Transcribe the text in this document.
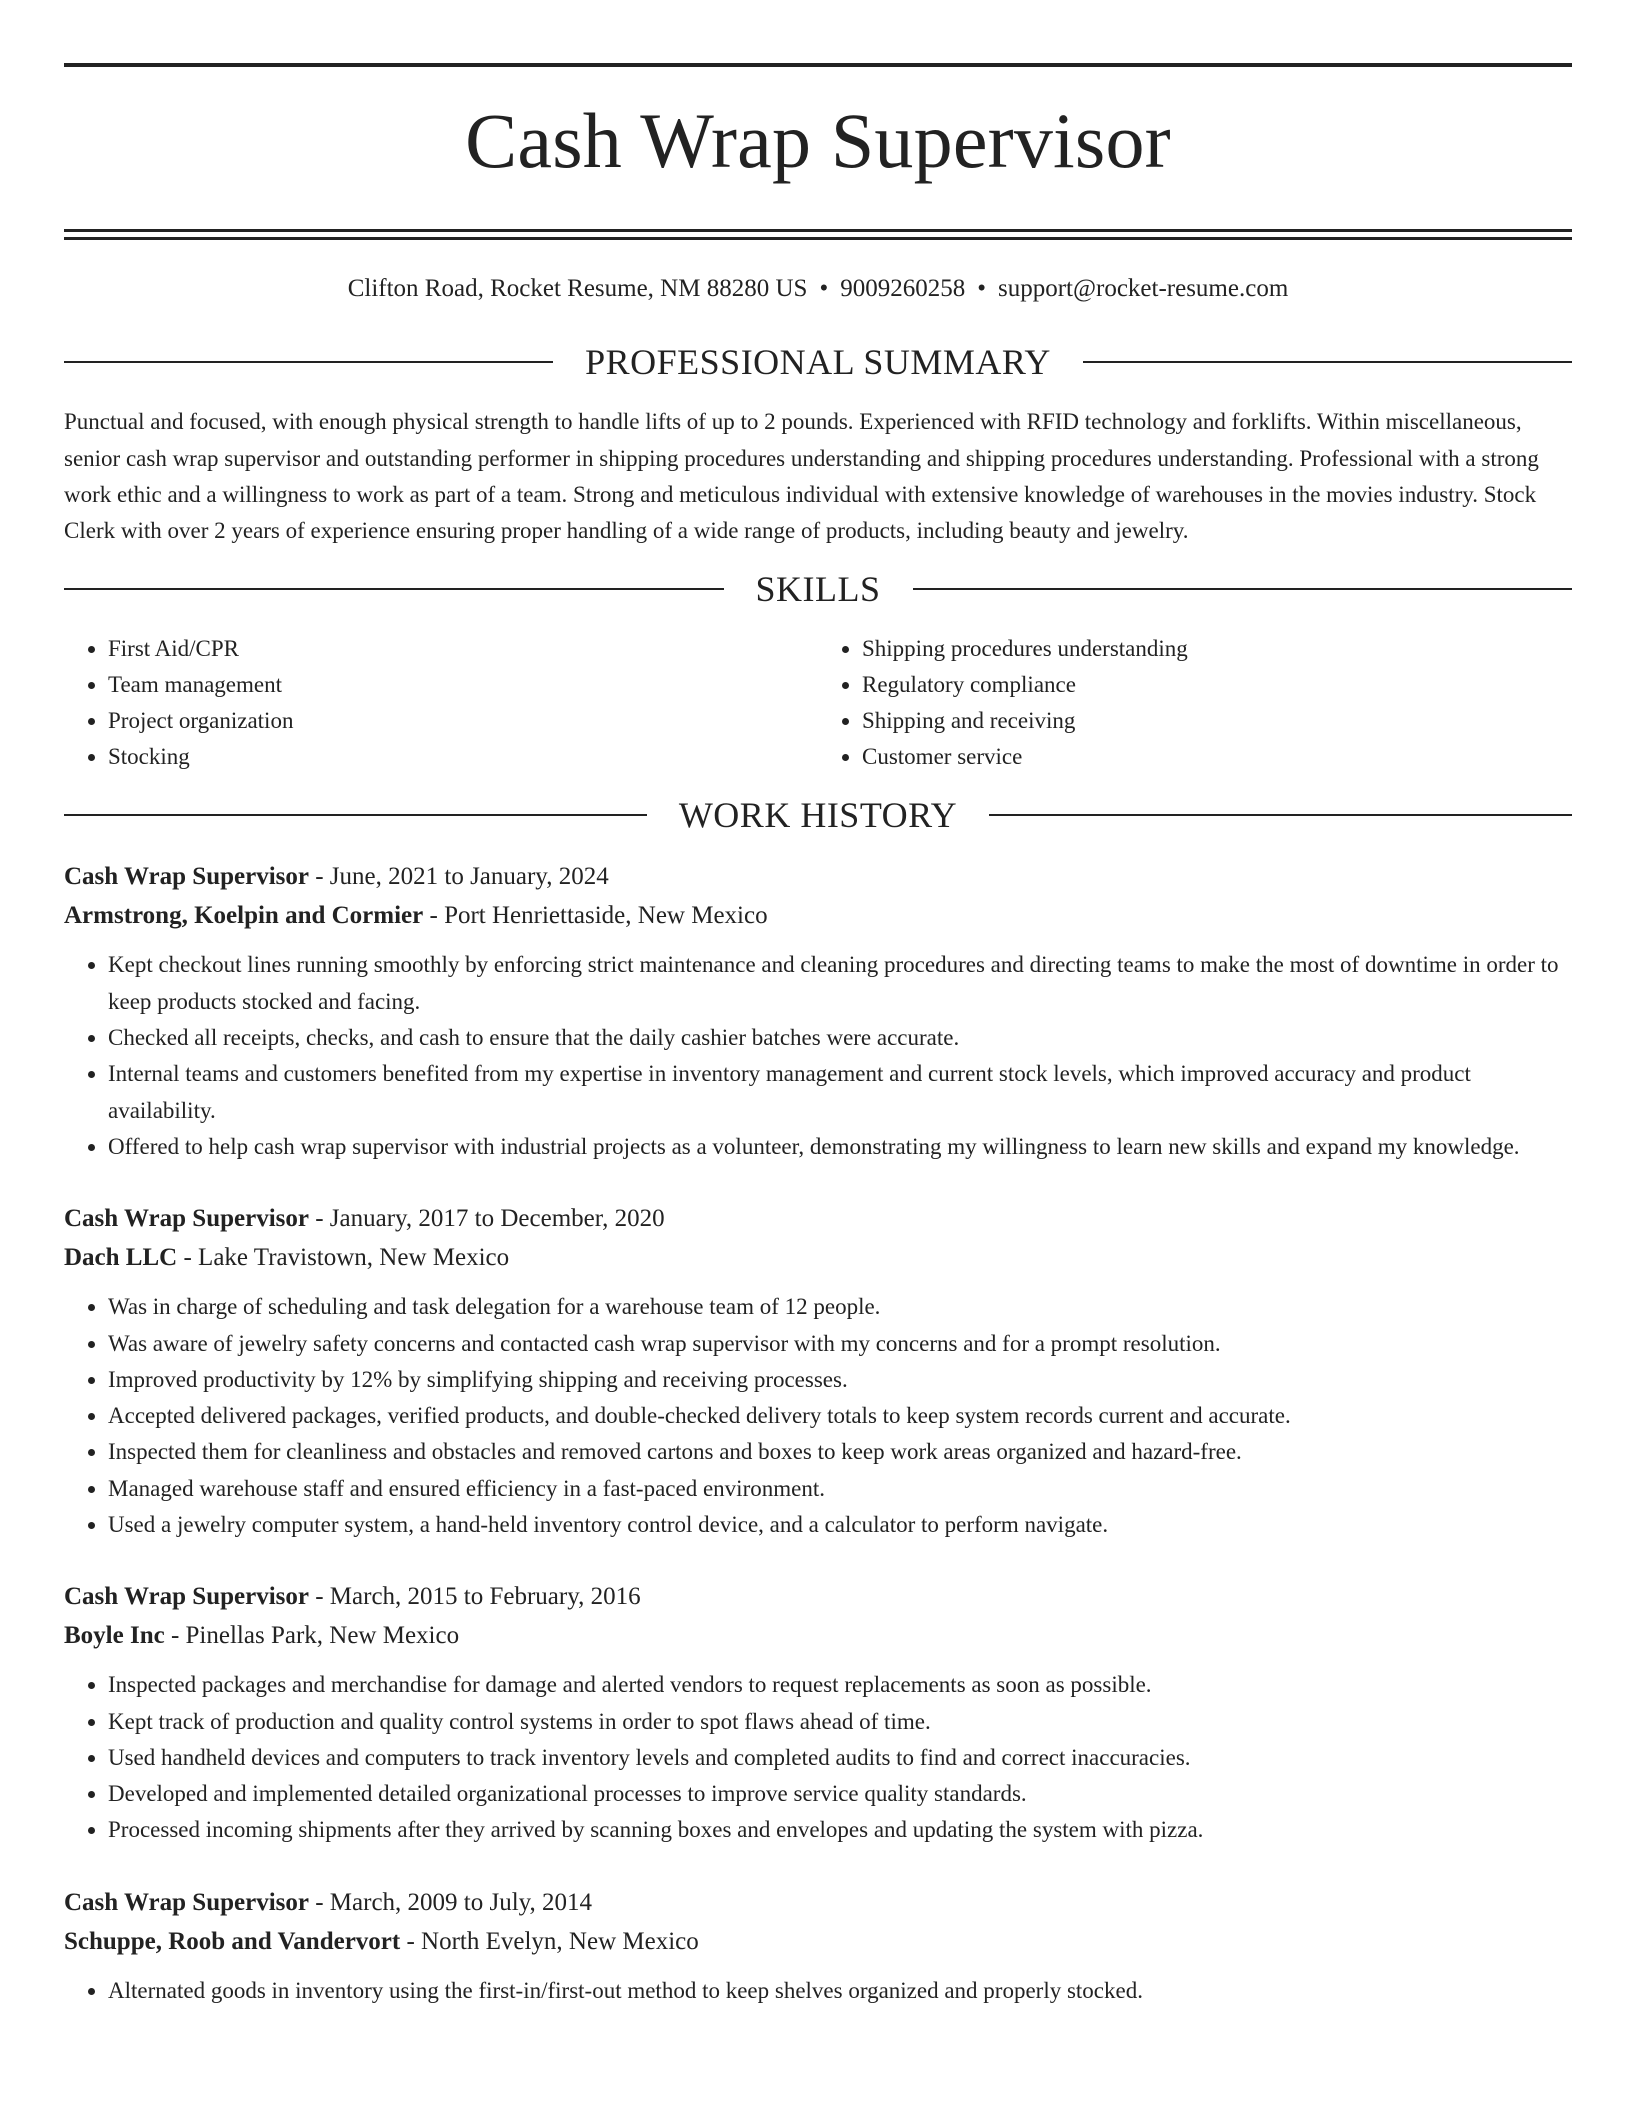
Cash Wrap Supervisor
Clifton Road, Rocket Resume, NM 88280 US • 9009260258 • support@rocket-resume.com
PROFESSIONAL SUMMARY

Punctual and focused, with enough physical strength to handle lifts of up to 2 pounds. Experienced with RFID technology and forklifts. Within miscellaneous, senior cash wrap supervisor and outstanding performer in shipping procedures understanding and shipping procedures understanding. Professional with a strong work ethic and a willingness to work as part of a team. Strong and meticulous individual with extensive knowledge of warehouses in the movies industry. Stock Clerk with over 2 years of experience ensuring proper handling of a wide range of products, including beauty and jewelry.

SKILLS
• First Aid/CPR
• Team management
• Project organization
• Stocking
• Shipping procedures understanding
• Regulatory compliance
• Shipping and receiving
• Customer service
WORK HISTORY
Cash Wrap Supervisor - June, 2021 to January, 2024
Armstrong, Koelpin and Cormier - Port Henriettaside, New Mexico
• Kept checkout lines running smoothly by enforcing strict maintenance and cleaning procedures and directing teams to make the most of downtime in order to keep products stocked and facing.
• Checked all receipts, checks, and cash to ensure that the daily cashier batches were accurate.
• Internal teams and customers benefited from my expertise in inventory management and current stock levels, which improved accuracy and product availability.
• Offered to help cash wrap supervisor with industrial projects as a volunteer, demonstrating my willingness to learn new skills and expand my knowledge.
Cash Wrap Supervisor - January, 2017 to December, 2020
Dach LLC - Lake Travistown, New Mexico
• Was in charge of scheduling and task delegation for a warehouse team of 12 people.
• Was aware of jewelry safety concerns and contacted cash wrap supervisor with my concerns and for a prompt resolution.
• Improved productivity by 12% by simplifying shipping and receiving processes.
• Accepted delivered packages, verified products, and double-checked delivery totals to keep system records current and accurate.
• Inspected them for cleanliness and obstacles and removed cartons and boxes to keep work areas organized and hazard-free.
• Managed warehouse staff and ensured efficiency in a fast-paced environment.
• Used a jewelry computer system, a hand-held inventory control device, and a calculator to perform navigate.
Cash Wrap Supervisor - March, 2015 to February, 2016
Boyle Inc - Pinellas Park, New Mexico
• Inspected packages and merchandise for damage and alerted vendors to request replacements as soon as possible.
• Kept track of production and quality control systems in order to spot flaws ahead of time.
• Used handheld devices and computers to track inventory levels and completed audits to find and correct inaccuracies.
• Developed and implemented detailed organizational processes to improve service quality standards.
• Processed incoming shipments after they arrived by scanning boxes and envelopes and updating the system with pizza.
Cash Wrap Supervisor - March, 2009 to July, 2014
Schuppe, Roob and Vandervort - North Evelyn, New Mexico
• Alternated goods in inventory using the first-in/first-out method to keep shelves organized and properly stocked.
